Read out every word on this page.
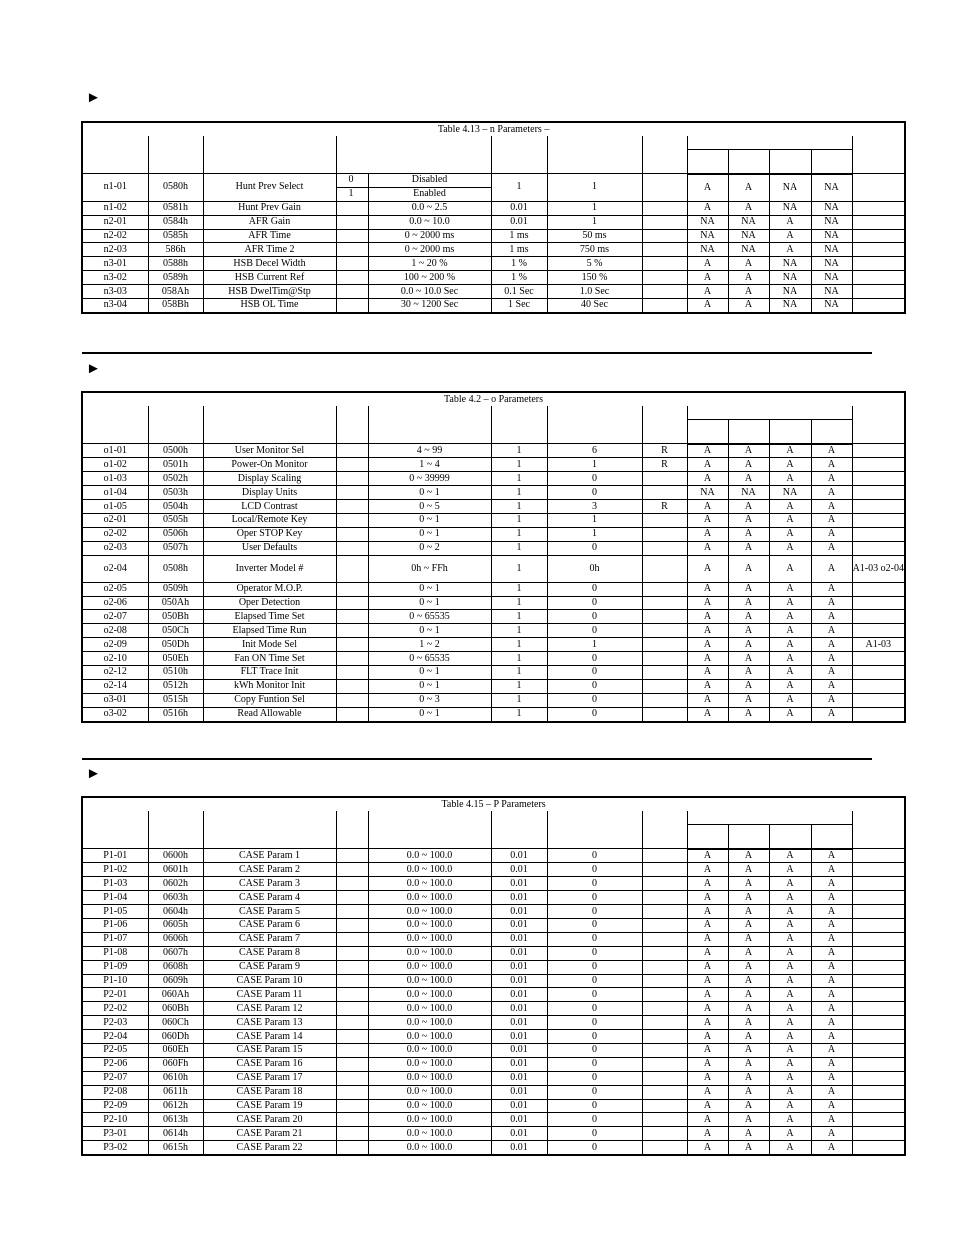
►
Table 4.13 – n Parameters –												

n1-01	0580h	Hunt Prev Select	0	Disabled	1	1		A	A	NA	NA	
			1	Enabled								
n1-02	0581h	Hunt Prev Gain		0.0 ~ 2.5	0.01	1		A	A	NA	NA	
n2-01	0584h	AFR Gain		0.0 ~ 10.0	0.01	1		NA	NA	A	NA	
n2-02	0585h	AFR Time		0 ~ 2000 ms	1 ms	50 ms		NA	NA	A	NA	
n2-03	586h	AFR Time 2		0 ~ 2000 ms	1 ms	750 ms		NA	NA	A	NA	
n3-01	0588h	HSB Decel Width		1 ~ 20 %	1 %	5 %		A	A	NA	NA	
n3-02	0589h	HSB Current Ref		100 ~ 200 %	1 %	150 %		A	A	NA	NA	
n3-03	058Ah	HSB DwelTim@Stp		0.0 ~ 10.0 Sec	0.1 Sec	1.0 Sec		A	A	NA	NA	
n3-04	058Bh	HSB OL Time		30 ~ 1200 Sec	1 Sec	40 Sec		A	A	NA	NA	
►
Table 4.2 – o Parameters												

o1-01	0500h	User Monitor Sel		4 ~ 99	1	6	R	A	A	A	A	
o1-02	0501h	Power-On Monitor		1 ~ 4	1	1	R	A	A	A	A	
o1-03	0502h	Display Scaling		0 ~ 39999	1	0		A	A	A	A	
o1-04	0503h	Display Units		0 ~ 1	1	0		NA	NA	NA	A	
o1-05	0504h	LCD Contrast		0 ~ 5	1	3	R	A	A	A	A	
o2-01	0505h	Local/Remote Key		0 ~ 1	1	1		A	A	A	A	
o2-02	0506h	Oper STOP Key		0 ~ 1	1	1		A	A	A	A	
o2-03	0507h	User Defaults		0 ~ 2	1	0		A	A	A	A	
o2-04	0508h	Inverter Model #		0h ~ FFh	1	0h		A	A	A	A	A1-03 o2-04
o2-05	0509h	Operator M.O.P.		0 ~ 1	1	0		A	A	A	A	
o2-06	050Ah	Oper Detection		0 ~ 1	1	0		A	A	A	A	
o2-07	050Bh	Elapsed Time Set		0 ~ 65535	1	0		A	A	A	A	
o2-08	050Ch	Elapsed Time Run		0 ~ 1	1	0		A	A	A	A	
o2-09	050Dh	Init Mode Sel		1 ~ 2	1	1		A	A	A	A	A1-03
o2-10	050Eh	Fan ON Time Set		0 ~ 65535	1	0		A	A	A	A	
o2-12	0510h	FLT Trace Init		0 ~ 1	1	0		A	A	A	A	
o2-14	0512h	kWh Monitor Init		0 ~ 1	1	0		A	A	A	A	
o3-01	0515h	Copy Funtion Sel		0 ~ 3	1	0		A	A	A	A	
o3-02	0516h	Read Allowable		0 ~ 1	1	0		A	A	A	A	
►
Table 4.15 – P Parameters												

P1-01	0600h	CASE Param 1		0.0 ~ 100.0	0.01	0		A	A	A	A	
P1-02	0601h	CASE Param 2		0.0 ~ 100.0	0.01	0		A	A	A	A	
P1-03	0602h	CASE Param 3		0.0 ~ 100.0	0.01	0		A	A	A	A	
P1-04	0603h	CASE Param 4		0.0 ~ 100.0	0.01	0		A	A	A	A	
P1-05	0604h	CASE Param 5		0.0 ~ 100.0	0.01	0		A	A	A	A	
P1-06	0605h	CASE Param 6		0.0 ~ 100.0	0.01	0		A	A	A	A	
P1-07	0606h	CASE Param 7		0.0 ~ 100.0	0.01	0		A	A	A	A	
P1-08	0607h	CASE Param 8		0.0 ~ 100.0	0.01	0		A	A	A	A	
P1-09	0608h	CASE Param 9		0.0 ~ 100.0	0.01	0		A	A	A	A	
P1-10	0609h	CASE Param 10		0.0 ~ 100.0	0.01	0		A	A	A	A	
P2-01	060Ah	CASE Param 11		0.0 ~ 100.0	0.01	0		A	A	A	A	
P2-02	060Bh	CASE Param 12		0.0 ~ 100.0	0.01	0		A	A	A	A	
P2-03	060Ch	CASE Param 13		0.0 ~ 100.0	0.01	0		A	A	A	A	
P2-04	060Dh	CASE Param 14		0.0 ~ 100.0	0.01	0		A	A	A	A	
P2-05	060Eh	CASE Param 15		0.0 ~ 100.0	0.01	0		A	A	A	A	
P2-06	060Fh	CASE Param 16		0.0 ~ 100.0	0.01	0		A	A	A	A	
P2-07	0610h	CASE Param 17		0.0 ~ 100.0	0.01	0		A	A	A	A	
P2-08	0611h	CASE Param 18		0.0 ~ 100.0	0.01	0		A	A	A	A	
P2-09	0612h	CASE Param 19		0.0 ~ 100.0	0.01	0		A	A	A	A	
P2-10	0613h	CASE Param 20		0.0 ~ 100.0	0.01	0		A	A	A	A	
P3-01	0614h	CASE Param 21		0.0 ~ 100.0	0.01	0		A	A	A	A	
P3-02	0615h	CASE Param 22		0.0 ~ 100.0	0.01	0		A	A	A	A	
